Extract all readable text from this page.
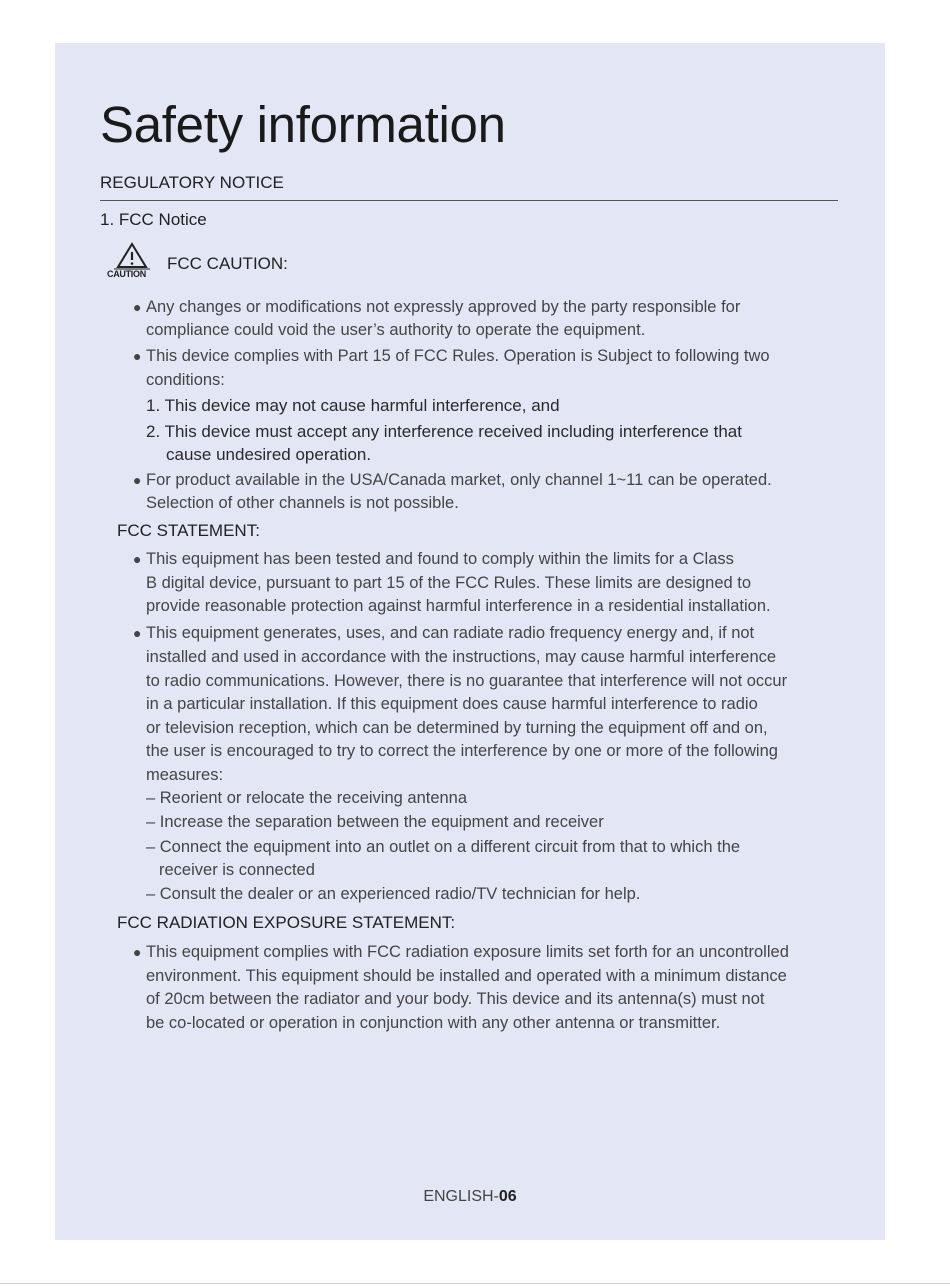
Safety information
REGULATORY NOTICE
1. FCC Notice
CAUTION
FCC CAUTION:
● Any changes or modifications not expressly approved by the party responsible for
compliance could void the user’s authority to operate the equipment.
● This device complies with Part 15 of FCC Rules. Operation is Subject to following two
conditions:
1. This device may not cause harmful interference, and
2. This device must accept any interference received including interference that
cause undesired operation.
● For product available in the USA/Canada market, only channel 1~11 can be operated.
Selection of other channels is not possible.
FCC STATEMENT:
● This equipment has been tested and found to comply within the limits for a Class
B digital device, pursuant to part 15 of the FCC Rules. These limits are designed to
provide reasonable protection against harmful interference in a residential installation.
● This equipment generates, uses, and can radiate radio frequency energy and, if not
installed and used in accordance with the instructions, may cause harmful interference
to radio communications. However, there is no guarantee that interference will not occur
in a particular installation. If this equipment does cause harmful interference to radio
or television reception, which can be determined by turning the equipment off and on,
the user is encouraged to try to correct the interference by one or more of the following
measures:
– Reorient or relocate the receiving antenna
– Increase the separation between the equipment and receiver
– Connect the equipment into an outlet on a different circuit from that to which the
receiver is connected
– Consult the dealer or an experienced radio/TV technician for help.
FCC RADIATION EXPOSURE STATEMENT:
● This equipment complies with FCC radiation exposure limits set forth for an uncontrolled
environment. This equipment should be installed and operated with a minimum distance
of 20cm between the radiator and your body. This device and its antenna(s) must not
be co-located or operation in conjunction with any other antenna or transmitter.
ENGLISH-06
